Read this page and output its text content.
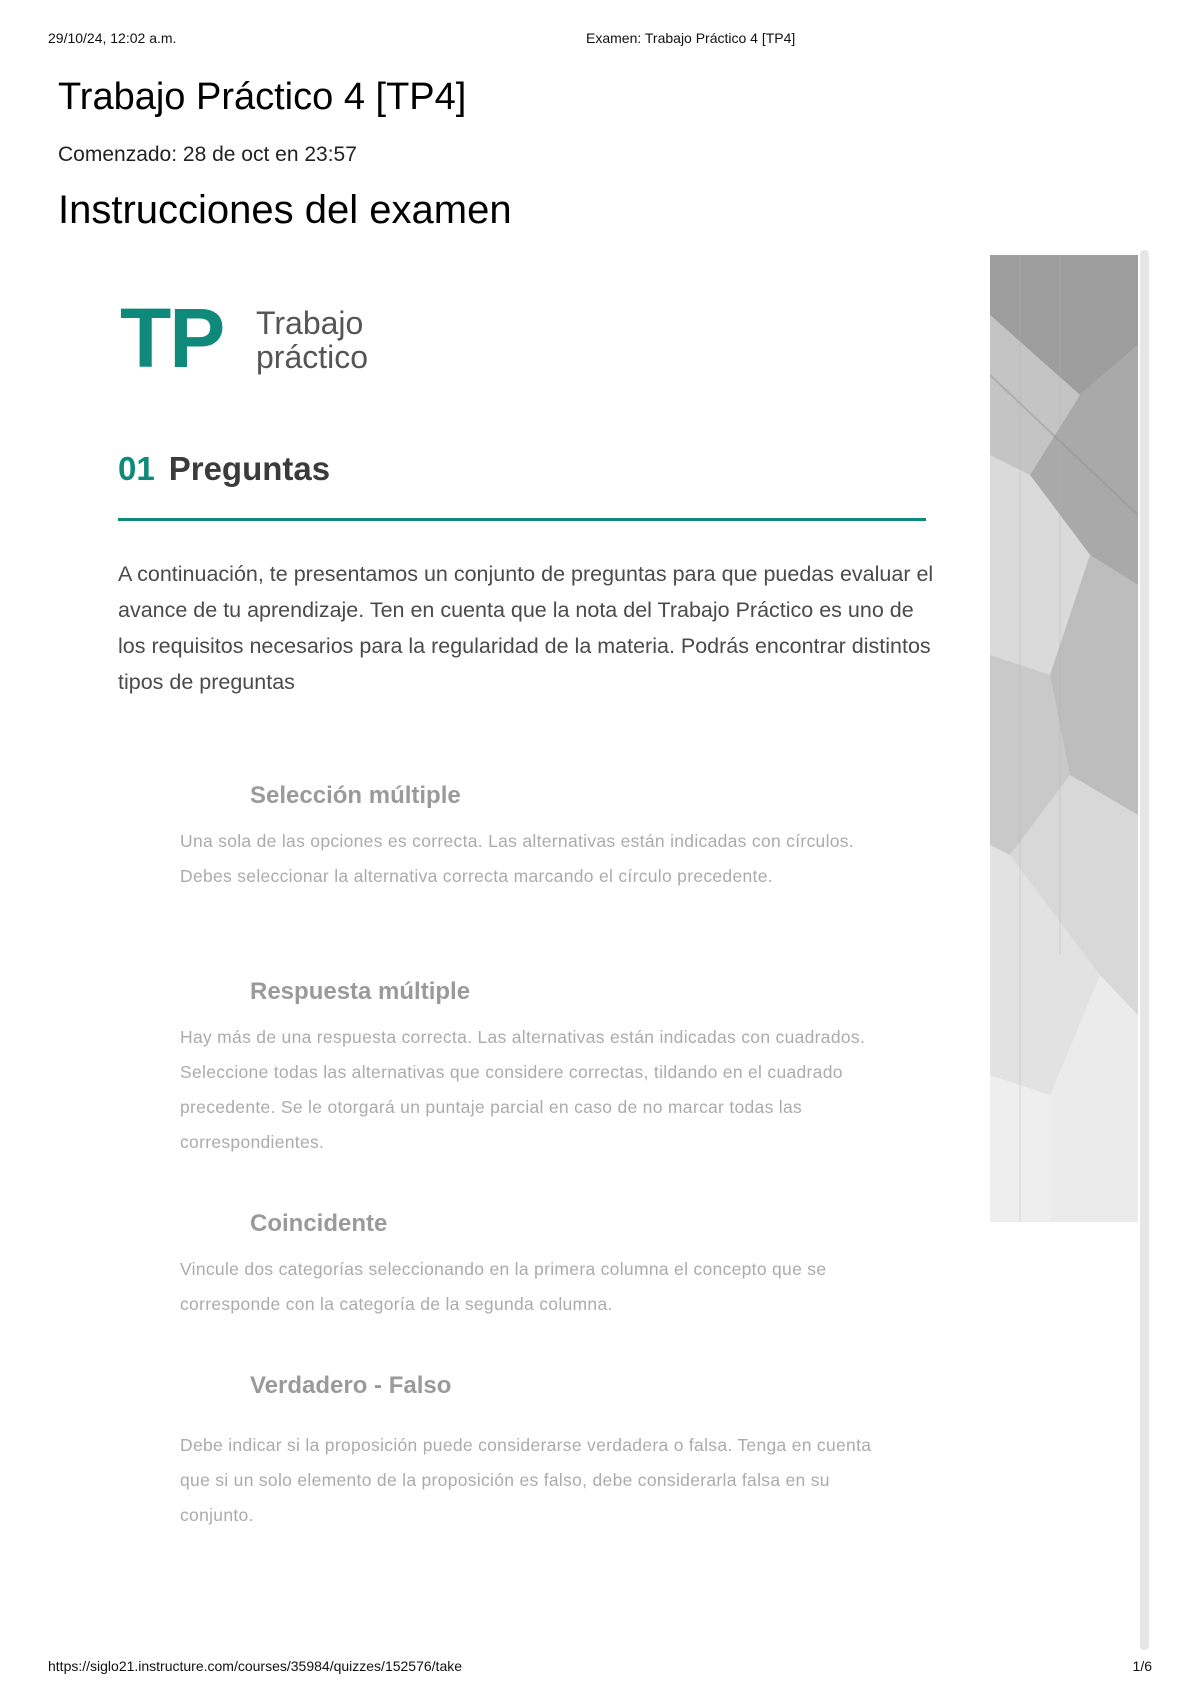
29/10/24, 12:02 a.m.	Examen: Trabajo Práctico 4 [TP4]
Trabajo Práctico 4 [TP4]
Comenzado: 28 de oct en 23:57
Instrucciones del examen
TP Trabajo
práctico
01 Preguntas

A continuación, te presentamos un conjunto de preguntas para que puedas evaluar el avance de tu aprendizaje. Ten en cuenta que la nota del Trabajo Práctico es uno de los requisitos necesarios para la regularidad de la materia. Podrás encontrar distintos tipos de preguntas

Selección múltiple

Una sola de las opciones es correcta. Las alternativas están indicadas con círculos. Debes seleccionar la alternativa correcta marcando el círculo precedente.

Respuesta múltiple

Hay más de una respuesta correcta. Las alternativas están indicadas con cuadrados. Seleccione todas las alternativas que considere correctas, tildando en el cuadrado precedente. Se le otorgará un puntaje parcial en caso de no marcar todas las correspondientes.

Coincidente

Vincule dos categorías seleccionando en la primera columna el concepto que se corresponde con la categoría de la segunda columna.

Verdadero - Falso

Debe indicar si la proposición puede considerarse verdadera o falsa. Tenga en cuenta que si un solo elemento de la proposición es falso, debe considerarla falsa en su conjunto.

https://siglo21.instructure.com/courses/35984/quizzes/152576/take	1/6
